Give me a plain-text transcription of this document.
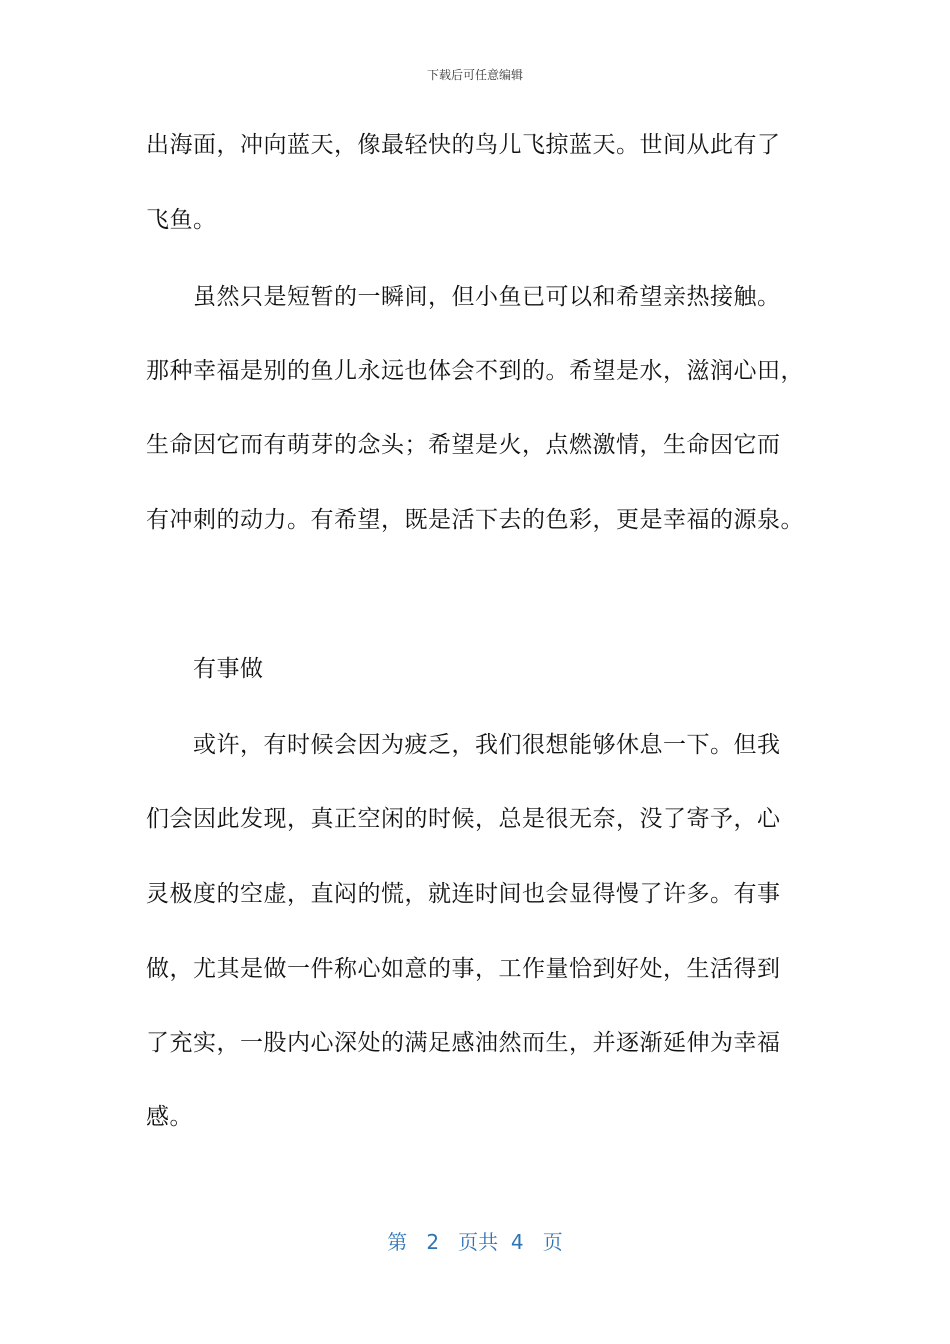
下载后可任意编辑
出海面，冲向蓝天，像最轻快的鸟儿飞掠蓝天。世间从此有了
飞鱼。
虽然只是短暂的一瞬间，但小鱼已可以和希望亲热接触。
那种幸福是别的鱼儿永远也体会不到的。希望是水，滋润心田，
生命因它而有萌芽的念头；希望是火，点燃激情，生命因它而
有冲刺的动力。有希望，既是活下去的色彩，更是幸福的源泉。
有事做
或许，有时候会因为疲乏，我们很想能够休息一下。但我
们会因此发现，真正空闲的时候，总是很无奈，没了寄予，心
灵极度的空虚，直闷的慌，就连时间也会显得慢了许多。有事
做，尤其是做一件称心如意的事，工作量恰到好处，生活得到
了充实，一股内心深处的满足感油然而生，并逐渐延伸为幸福
感。
第 2 页共 4 页
